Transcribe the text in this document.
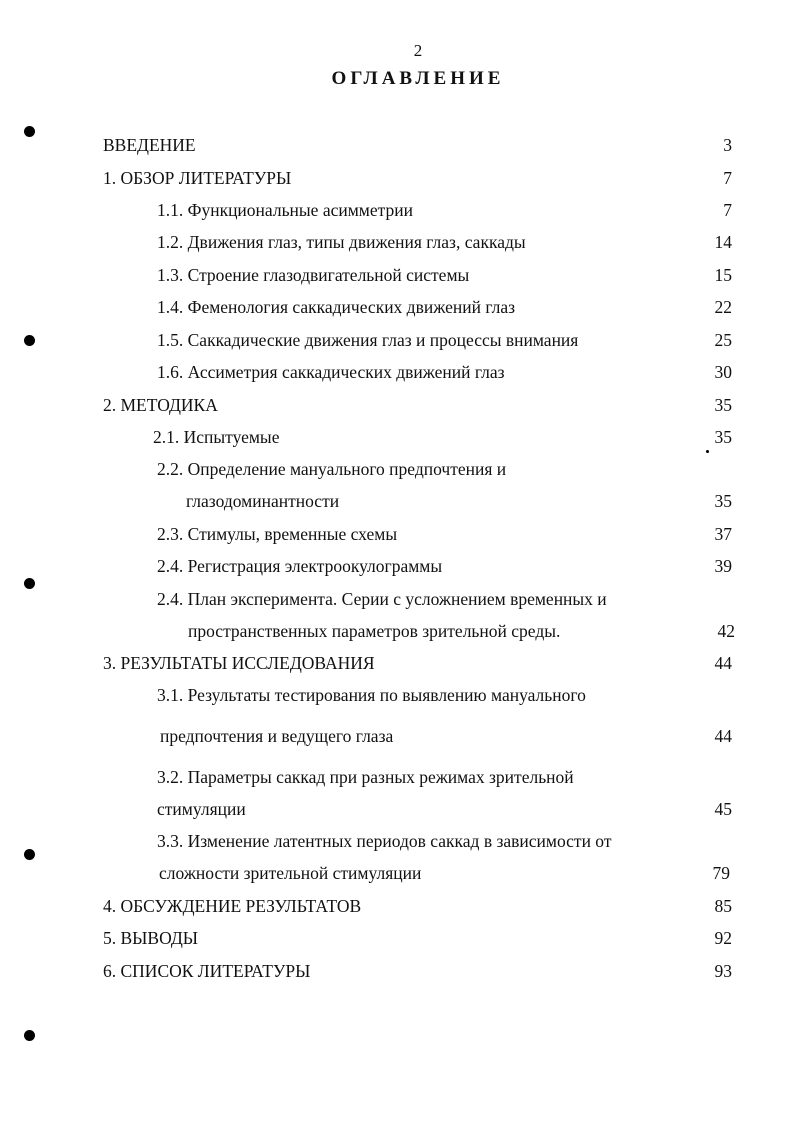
2
ОГЛАВЛЕНИЕ
ВВЕДЕНИЕ	3
1. ОБЗОР ЛИТЕРАТУРЫ	7
1.1. Функциональные асимметрии	7
1.2. Движения глаз, типы движения глаз, саккады	14
1.3. Строение глазодвигательной системы	15
1.4. Феменология саккадических движений глаз	22
1.5. Саккадические движения глаз и процессы внимания	25
1.6. Ассиметрия саккадических движений глаз	30
2. МЕТОДИКА	35
2.1. Испытуемые	35
2.2. Определение мануального предпочтения и
глазодоминантности	35
2.3. Стимулы, временные схемы	37
2.4. Регистрация электроокулограммы	39
2.4. План эксперимента. Серии с усложнением временных и
пространственных параметров зрительной среды.	42
3. РЕЗУЛЬТАТЫ ИССЛЕДОВАНИЯ	44
3.1. Результаты тестирования по выявлению мануального
предпочтения и ведущего глаза	44
3.2. Параметры саккад при разных режимах зрительной
стимуляции	45
3.3. Изменение латентных периодов саккад в зависимости от
сложности зрительной стимуляции	79
4. ОБСУЖДЕНИЕ РЕЗУЛЬТАТОВ	85
5. ВЫВОДЫ	92
6. СПИСОК ЛИТЕРАТУРЫ	93
